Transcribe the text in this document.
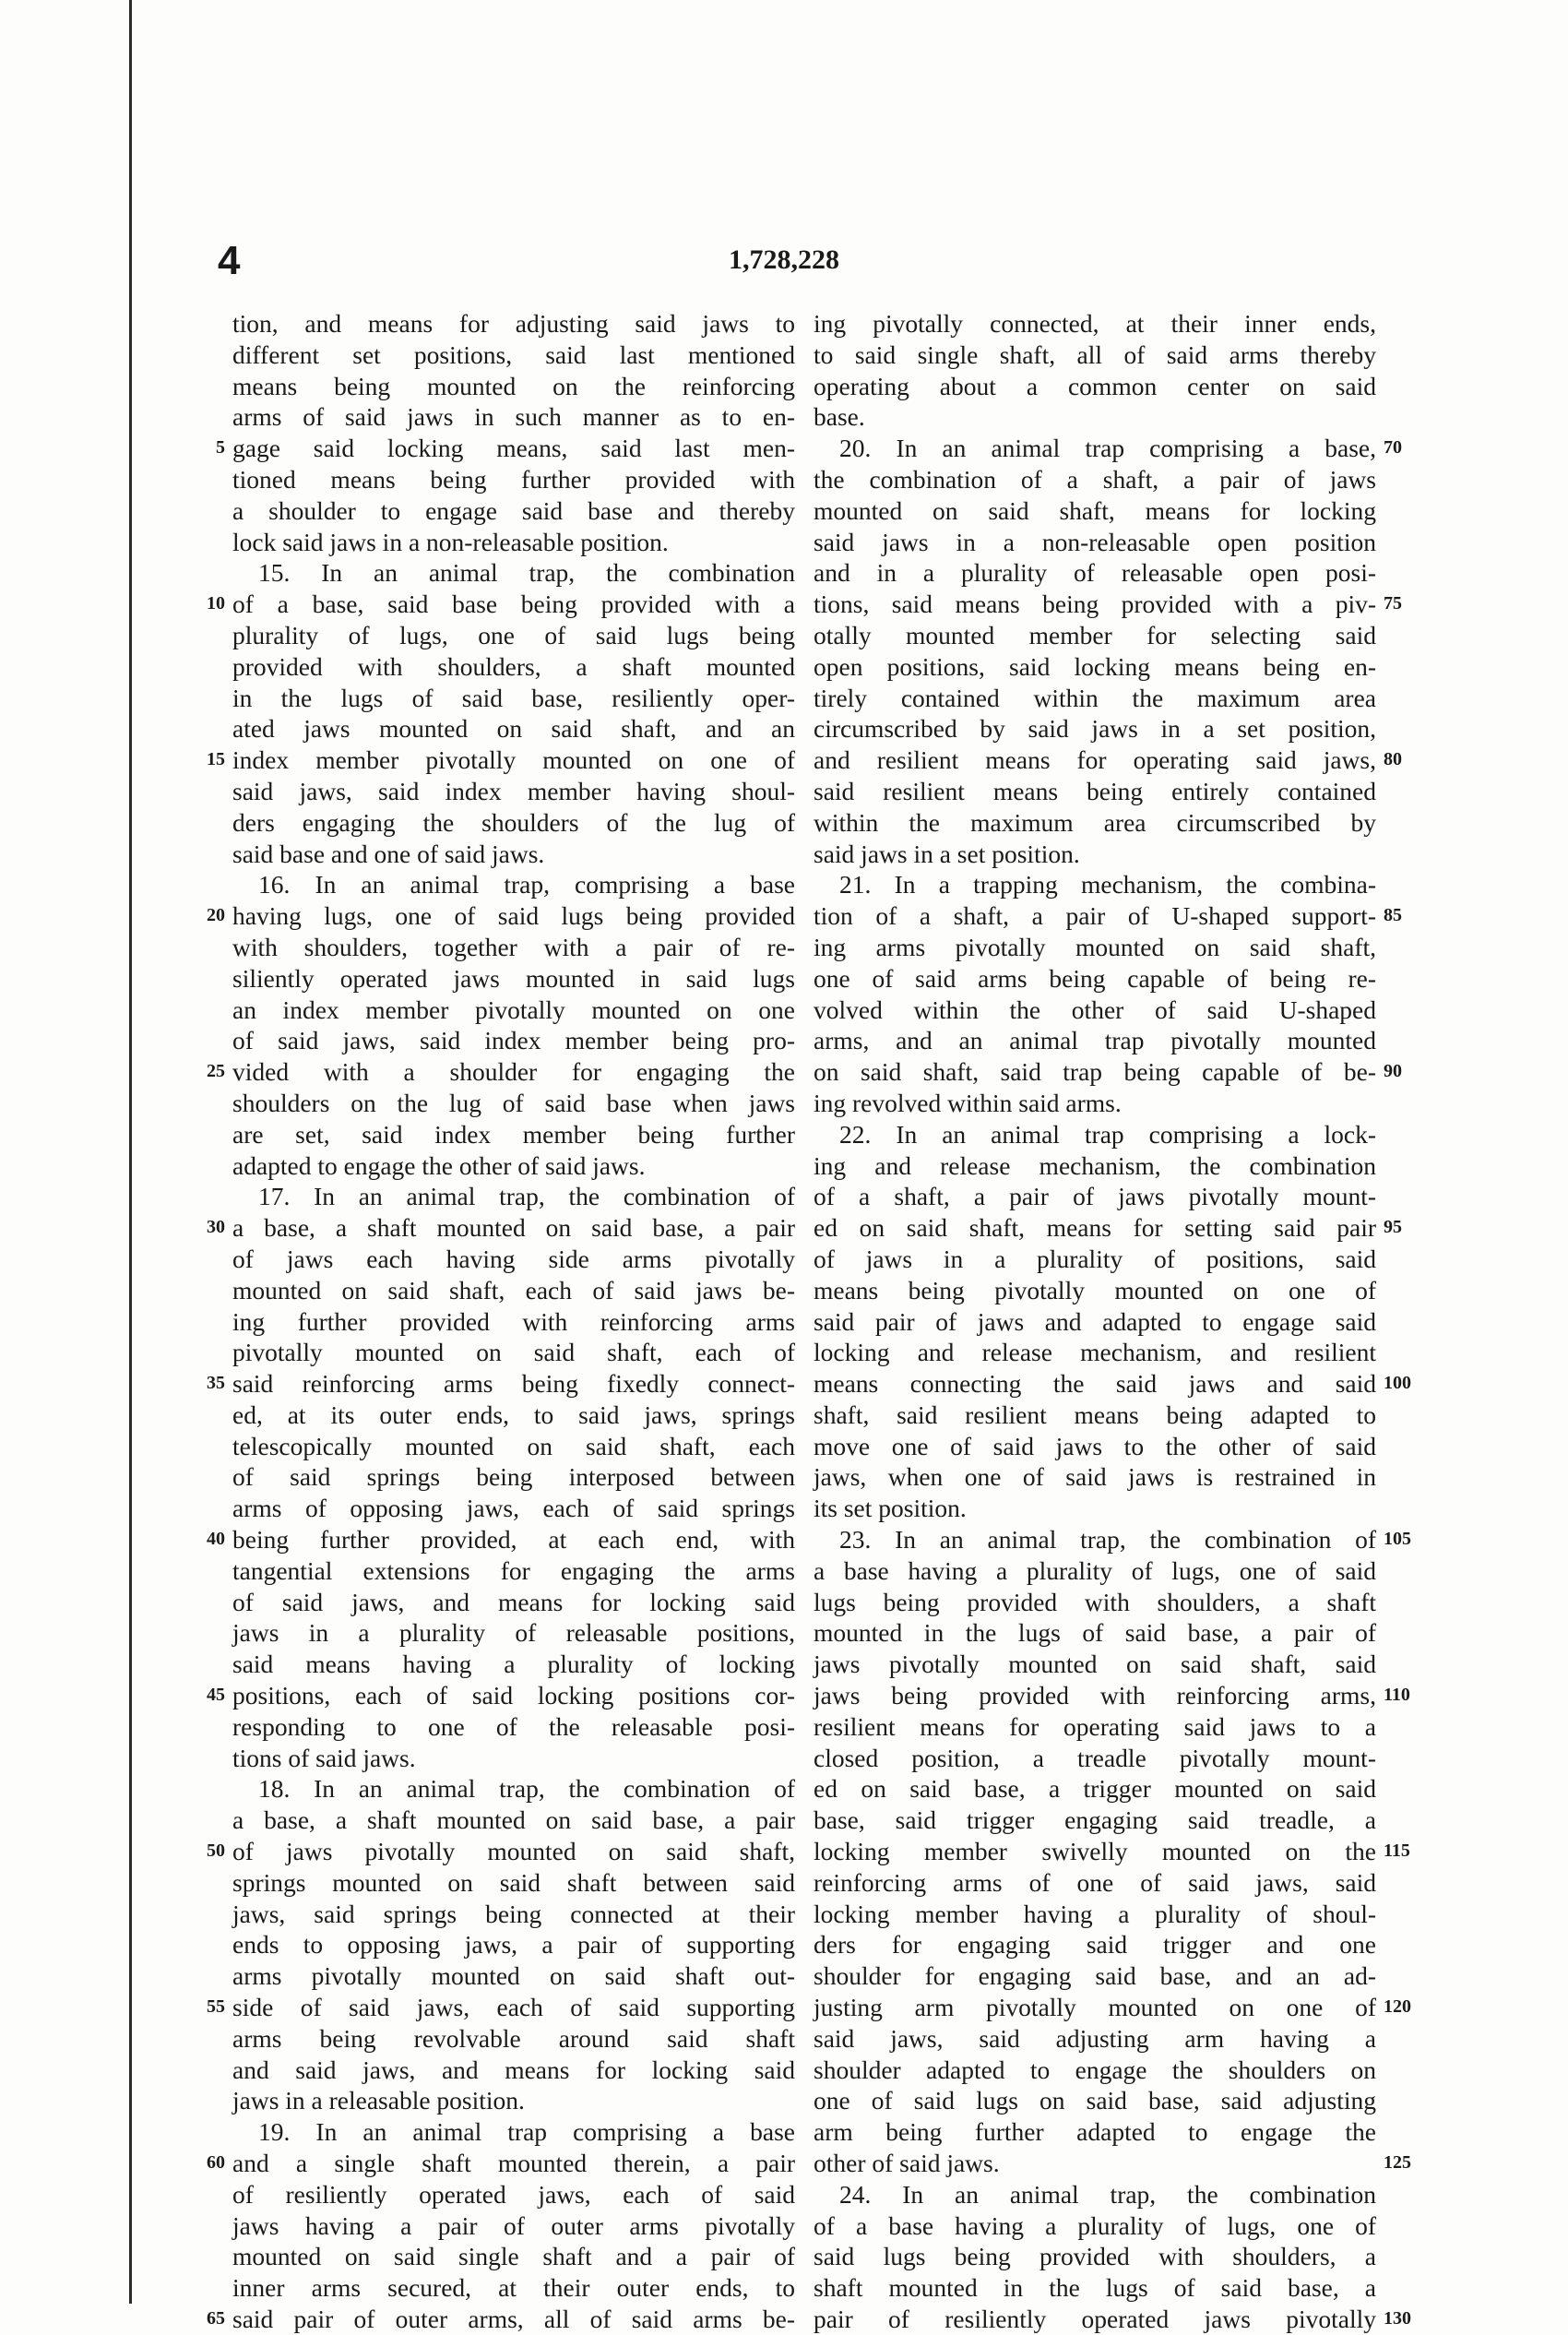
4	1,728,228
tion, and means for adjusting said jaws to
different set positions, said last mentioned
means being mounted on the reinforcing
arms of said jaws in such manner as to en-
gage said locking means, said last men-
tioned means being further provided with
a shoulder to engage said base and thereby
lock said jaws in a non-releasable position.
15. In an animal trap, the combination
of a base, said base being provided with a
plurality of lugs, one of said lugs being
provided with shoulders, a shaft mounted
in the lugs of said base, resiliently oper-
ated jaws mounted on said shaft, and an
index member pivotally mounted on one of
said jaws, said index member having shoul-
ders engaging the shoulders of the lug of
said base and one of said jaws.
16. In an animal trap, comprising a base
having lugs, one of said lugs being provided
with shoulders, together with a pair of re-
siliently operated jaws mounted in said lugs
an index member pivotally mounted on one
of said jaws, said index member being pro-
vided with a shoulder for engaging the
shoulders on the lug of said base when jaws
are set, said index member being further
adapted to engage the other of said jaws.
17. In an animal trap, the combination of
a base, a shaft mounted on said base, a pair
of jaws each having side arms pivotally
mounted on said shaft, each of said jaws be-
ing further provided with reinforcing arms
pivotally mounted on said shaft, each of
said reinforcing arms being fixedly connect-
ed, at its outer ends, to said jaws, springs
telescopically mounted on said shaft, each
of said springs being interposed between
arms of opposing jaws, each of said springs
being further provided, at each end, with
tangential extensions for engaging the arms
of said jaws, and means for locking said
jaws in a plurality of releasable positions,
said means having a plurality of locking
positions, each of said locking positions cor-
responding to one of the releasable posi-
tions of said jaws.
18. In an animal trap, the combination of
a base, a shaft mounted on said base, a pair
of jaws pivotally mounted on said shaft,
springs mounted on said shaft between said
jaws, said springs being connected at their
ends to opposing jaws, a pair of supporting
arms pivotally mounted on said shaft out-
side of said jaws, each of said supporting
arms being revolvable around said shaft
and said jaws, and means for locking said
jaws in a releasable position.
19. In an animal trap comprising a base
and a single shaft mounted therein, a pair
of resiliently operated jaws, each of said
jaws having a pair of outer arms pivotally
mounted on said single shaft and a pair of
inner arms secured, at their outer ends, to
said pair of outer arms, all of said arms be-
ing pivotally connected, at their inner ends,
to said single shaft, all of said arms thereby
operating about a common center on said
base.
20. In an animal trap comprising a base,
the combination of a shaft, a pair of jaws
mounted on said shaft, means for locking
said jaws in a non-releasable open position
and in a plurality of releasable open posi-
tions, said means being provided with a piv-
otally mounted member for selecting said
open positions, said locking means being en-
tirely contained within the maximum area
circumscribed by said jaws in a set position,
and resilient means for operating said jaws,
said resilient means being entirely contained
within the maximum area circumscribed by
said jaws in a set position.
21. In a trapping mechanism, the combina-
tion of a shaft, a pair of U-shaped support-
ing arms pivotally mounted on said shaft,
one of said arms being capable of being re-
volved within the other of said U-shaped
arms, and an animal trap pivotally mounted
on said shaft, said trap being capable of be-
ing revolved within said arms.
22. In an animal trap comprising a lock-
ing and release mechanism, the combination
of a shaft, a pair of jaws pivotally mount-
ed on said shaft, means for setting said pair
of jaws in a plurality of positions, said
means being pivotally mounted on one of
said pair of jaws and adapted to engage said
locking and release mechanism, and resilient
means connecting the said jaws and said
shaft, said resilient means being adapted to
move one of said jaws to the other of said
jaws, when one of said jaws is restrained in
its set position.
23. In an animal trap, the combination of
a base having a plurality of lugs, one of said
lugs being provided with shoulders, a shaft
mounted in the lugs of said base, a pair of
jaws pivotally mounted on said shaft, said
jaws being provided with reinforcing arms,
resilient means for operating said jaws to a
closed position, a treadle pivotally mount-
ed on said base, a trigger mounted on said
base, said trigger engaging said treadle, a
locking member swivelly mounted on the
reinforcing arms of one of said jaws, said
locking member having a plurality of shoul-
ders for engaging said trigger and one
shoulder for engaging said base, and an ad-
justing arm pivotally mounted on one of
said jaws, said adjusting arm having a
shoulder adapted to engage the shoulders on
one of said lugs on said base, said adjusting
arm being further adapted to engage the
other of said jaws.
24. In an animal trap, the combination
of a base having a plurality of lugs, one of
said lugs being provided with shoulders, a
shaft mounted in the lugs of said base, a
pair of resiliently operated jaws pivotally
5
10
15
20
25
30
35
40
45
50
55
60
65
70
75
80
85
90
95
100
105
110
115
120
125
130
